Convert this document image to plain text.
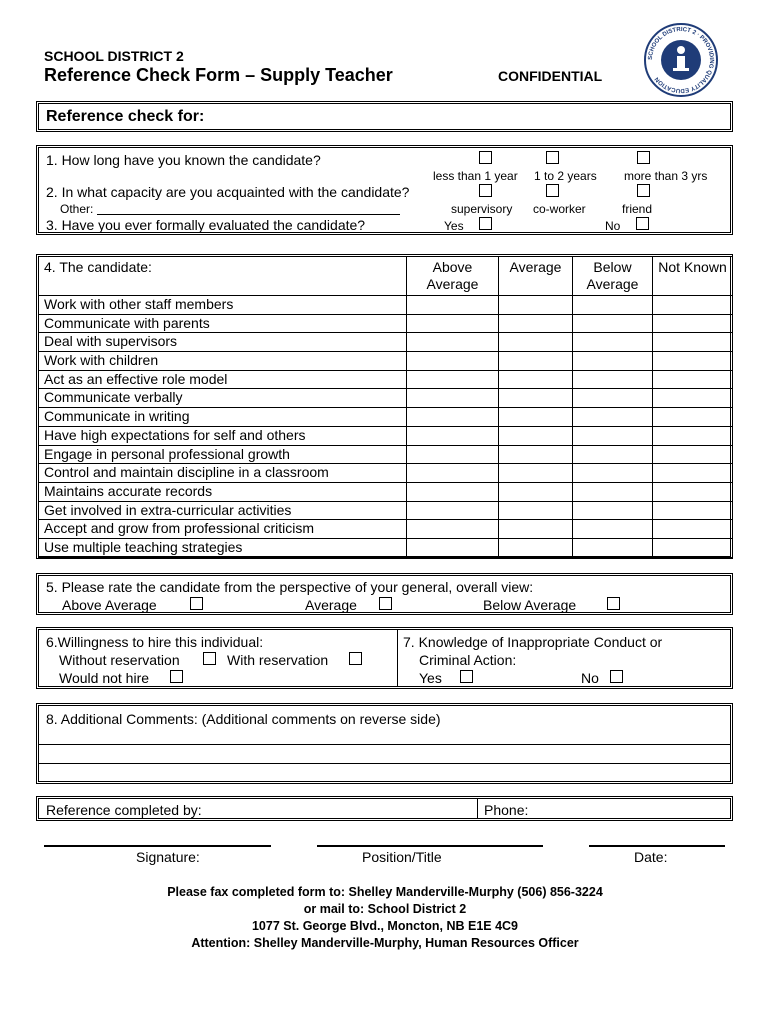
SCHOOL DISTRICT 2
Reference Check Form – Supply Teacher	CONFIDENTIAL
SCHOOL DISTRICT 2 · PROVIDING QUALITY EDUCATION
Reference check for:
1. How long have you known the candidate?
less than 1 year 1 to 2 years more than 3 yrs
2. In what capacity are you acquainted with the candidate?
Other:	supervisory co-worker	friend
3. Have you ever formally evaluated the candidate?	Yes	No
4. The candidate:	Above Average	Average	Below Average	Not Known
Work with other staff members				
Communicate with parents				
Deal with supervisors				
Work with children				
Act as an effective role model				
Communicate verbally				
Communicate in writing				
Have high expectations for self and others				
Engage in personal professional growth				
Control and maintain discipline in a classroom				
Maintains accurate records				
Get involved in extra-curricular activities				
Accept and grow from professional criticism				
Use multiple teaching strategies				
5. Please rate the candidate from the perspective of your general, overall view:
Above Average	Average	Below Average
6.Willingness to hire this individual:
Without reservation	With reservation
Would not hire
7. Knowledge of Inappropriate Conduct or
Criminal Action:
Yes	No
8. Additional Comments: (Additional comments on reverse side)
Reference completed by:	Phone:
Signature:	Position/Title	Date:
Please fax completed form to: Shelley Manderville-Murphy (506) 856-3224
or mail to: School District 2
1077 St. George Blvd., Moncton, NB E1E 4C9
Attention: Shelley Manderville-Murphy, Human Resources Officer
